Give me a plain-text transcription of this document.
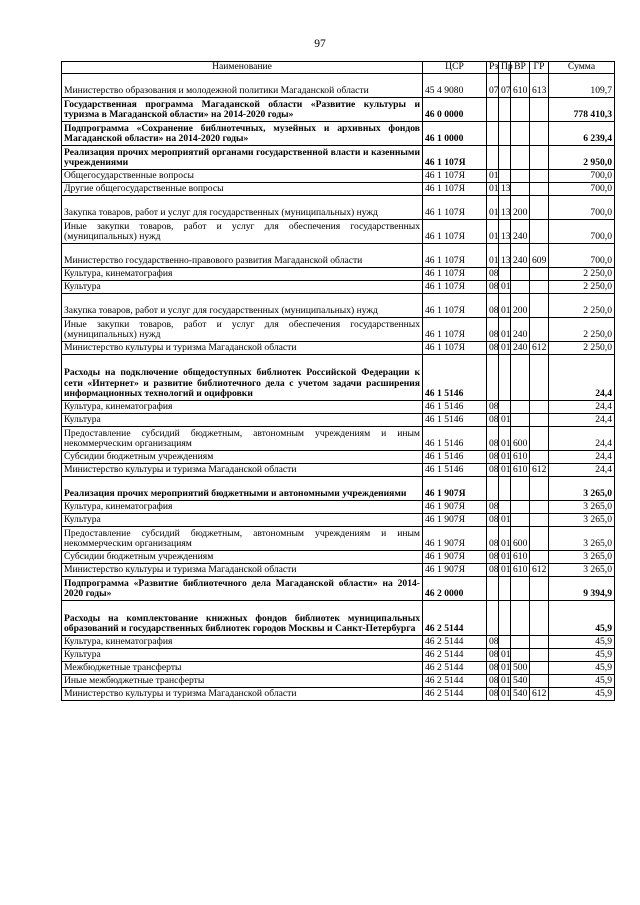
97
Наименование	ЦСР	Рз	Пр	ВР	ГР	Сумма
Министерство образования и молодежной политики Магаданской области	45 4 9080	07	07	610	613	109,7
Государственная программа Магаданской области «Развитие культуры и туризма в Магаданской области» на 2014-2020 годы»	46 0 0000					778 410,3
Подпрограмма «Сохранение библиотечных, музейных и архивных фондов Магаданской области» на 2014-2020 годы»	46 1 0000					6 239,4
Реализация прочих мероприятий органами государственной власти и казенными учреждениями	46 1 107Я					2 950,0
Общегосударственные вопросы	46 1 107Я	01				700,0
Другие общегосударственные вопросы	46 1 107Я	01	13			700,0
Закупка товаров, работ и услуг для государственных (муниципальных) нужд	46 1 107Я	01	13	200		700,0
Иные закупки товаров, работ и услуг для обеспечения государственных (муниципальных) нужд	46 1 107Я	01	13	240		700,0
Министерство государственно-правового развития Магаданской области	46 1 107Я	01	13	240	609	700,0
Культура, кинематография	46 1 107Я	08				2 250,0
Культура	46 1 107Я	08	01			2 250,0
Закупка товаров, работ и услуг для государственных (муниципальных) нужд	46 1 107Я	08	01	200		2 250,0
Иные закупки товаров, работ и услуг для обеспечения государственных (муниципальных) нужд	46 1 107Я	08	01	240		2 250,0
Министерство культуры и туризма Магаданской области	46 1 107Я	08	01	240	612	2 250,0
Расходы на подключение общедоступных библиотек Российской Федерации к сети «Интернет» и развитие библиотечного дела с учетом задачи расширения информационных технологий и оцифровки	46 1 5146					24,4
Культура, кинематография	46 1 5146	08				24,4
Культура	46 1 5146	08	01			24,4
Предоставление субсидий бюджетным, автономным учреждениям и иным некоммерческим организациям	46 1 5146	08	01	600		24,4
Субсидии бюджетным учреждениям	46 1 5146	08	01	610		24,4
Министерство культуры и туризма Магаданской области	46 1 5146	08	01	610	612	24,4
Реализация прочих мероприятий бюджетными и автономными учреждениями	46 1 907Я					3 265,0
Культура, кинематография	46 1 907Я	08				3 265,0
Культура	46 1 907Я	08	01			3 265,0
Предоставление субсидий бюджетным, автономным учреждениям и иным некоммерческим организациям	46 1 907Я	08	01	600		3 265,0
Субсидии бюджетным учреждениям	46 1 907Я	08	01	610		3 265,0
Министерство культуры и туризма Магаданской области	46 1 907Я	08	01	610	612	3 265,0
Подпрограмма «Развитие библиотечного дела Магаданской области» на 2014-2020 годы»	46 2 0000					9 394,9
Расходы на комплектование книжных фондов библиотек муниципальных образований и государственных библиотек городов Москвы и Санкт-Петербурга	46 2 5144					45,9
Культура, кинематография	46 2 5144	08				45,9
Культура	46 2 5144	08	01			45,9
Межбюджетные трансферты	46 2 5144	08	01	500		45,9
Иные межбюджетные трансферты	46 2 5144	08	01	540		45,9
Министерство культуры и туризма Магаданской области	46 2 5144	08	01	540	612	45,9
